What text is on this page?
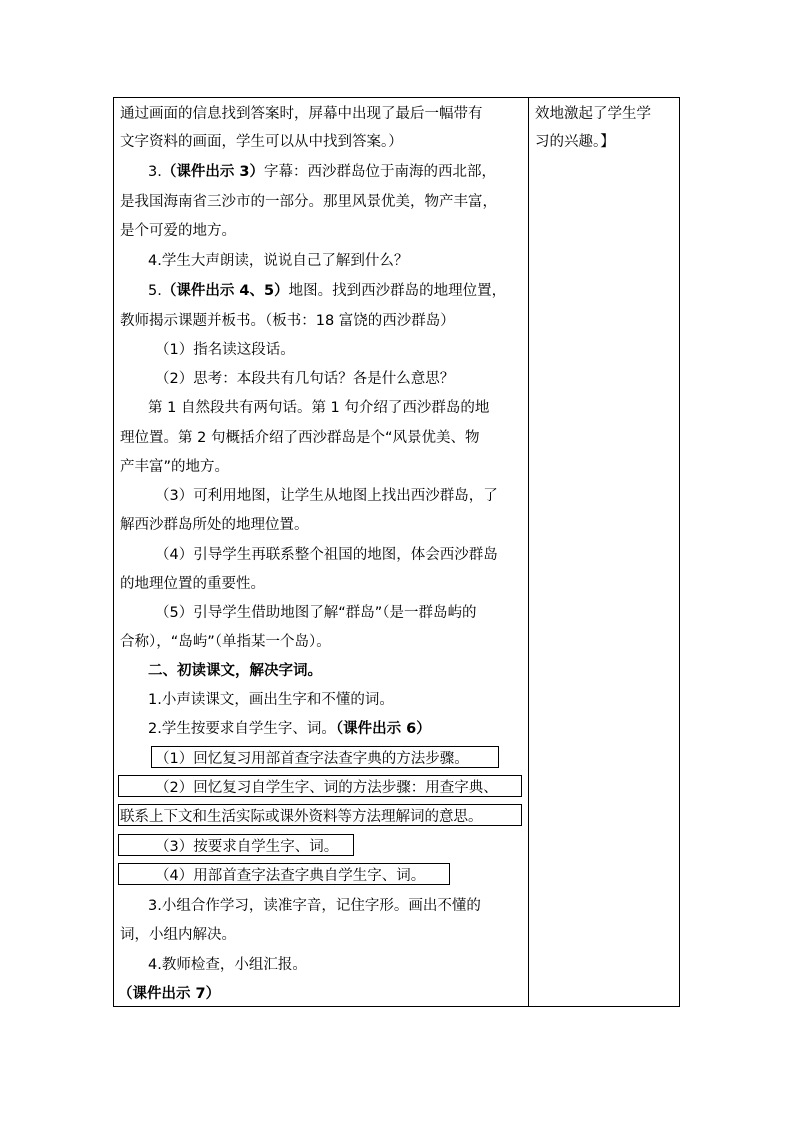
通过画面的信息找到答案时，屏幕中出现了最后一幅带有
文字资料的画面，学生可以从中找到答案。）
3.（课件出示 3）字幕：西沙群岛位于南海的西北部，
是我国海南省三沙市的一部分。那里风景优美，物产丰富，
是个可爱的地方。
4.学生大声朗读，说说自己了解到什么？
5.（课件出示 4、5）地图。找到西沙群岛的地理位置，
教师揭示课题并板书。（板书：18 富饶的西沙群岛）
（1）指名读这段话。
（2）思考：本段共有几句话？各是什么意思？
第 1 自然段共有两句话。第 1 句介绍了西沙群岛的地
理位置。第 2 句概括介绍了西沙群岛是个“风景优美、物
产丰富”的地方。
（3）可利用地图，让学生从地图上找出西沙群岛，了
解西沙群岛所处的地理位置。
（4）引导学生再联系整个祖国的地图，体会西沙群岛
的地理位置的重要性。
（5）引导学生借助地图了解“群岛”（是一群岛屿的
合称），“岛屿”（单指某一个岛）。
二、初读课文，解决字词。
1.小声读课文，画出生字和不懂的词。
2.学生按要求自学生字、词。（课件出示 6）
（1）回忆复习用部首查字法查字典的方法步骤。
（2）回忆复习自学生字、词的方法步骤：用查字典、
联系上下文和生活实际或课外资料等方法理解词的意思。
（3）按要求自学生字、词。
（4）用部首查字法查字典自学生字、词。
3.小组合作学习，读准字音，记住字形。画出不懂的
词，小组内解决。
4.教师检查，小组汇报。
（课件出示 7）
效地激起了学生学
习的兴趣。】
